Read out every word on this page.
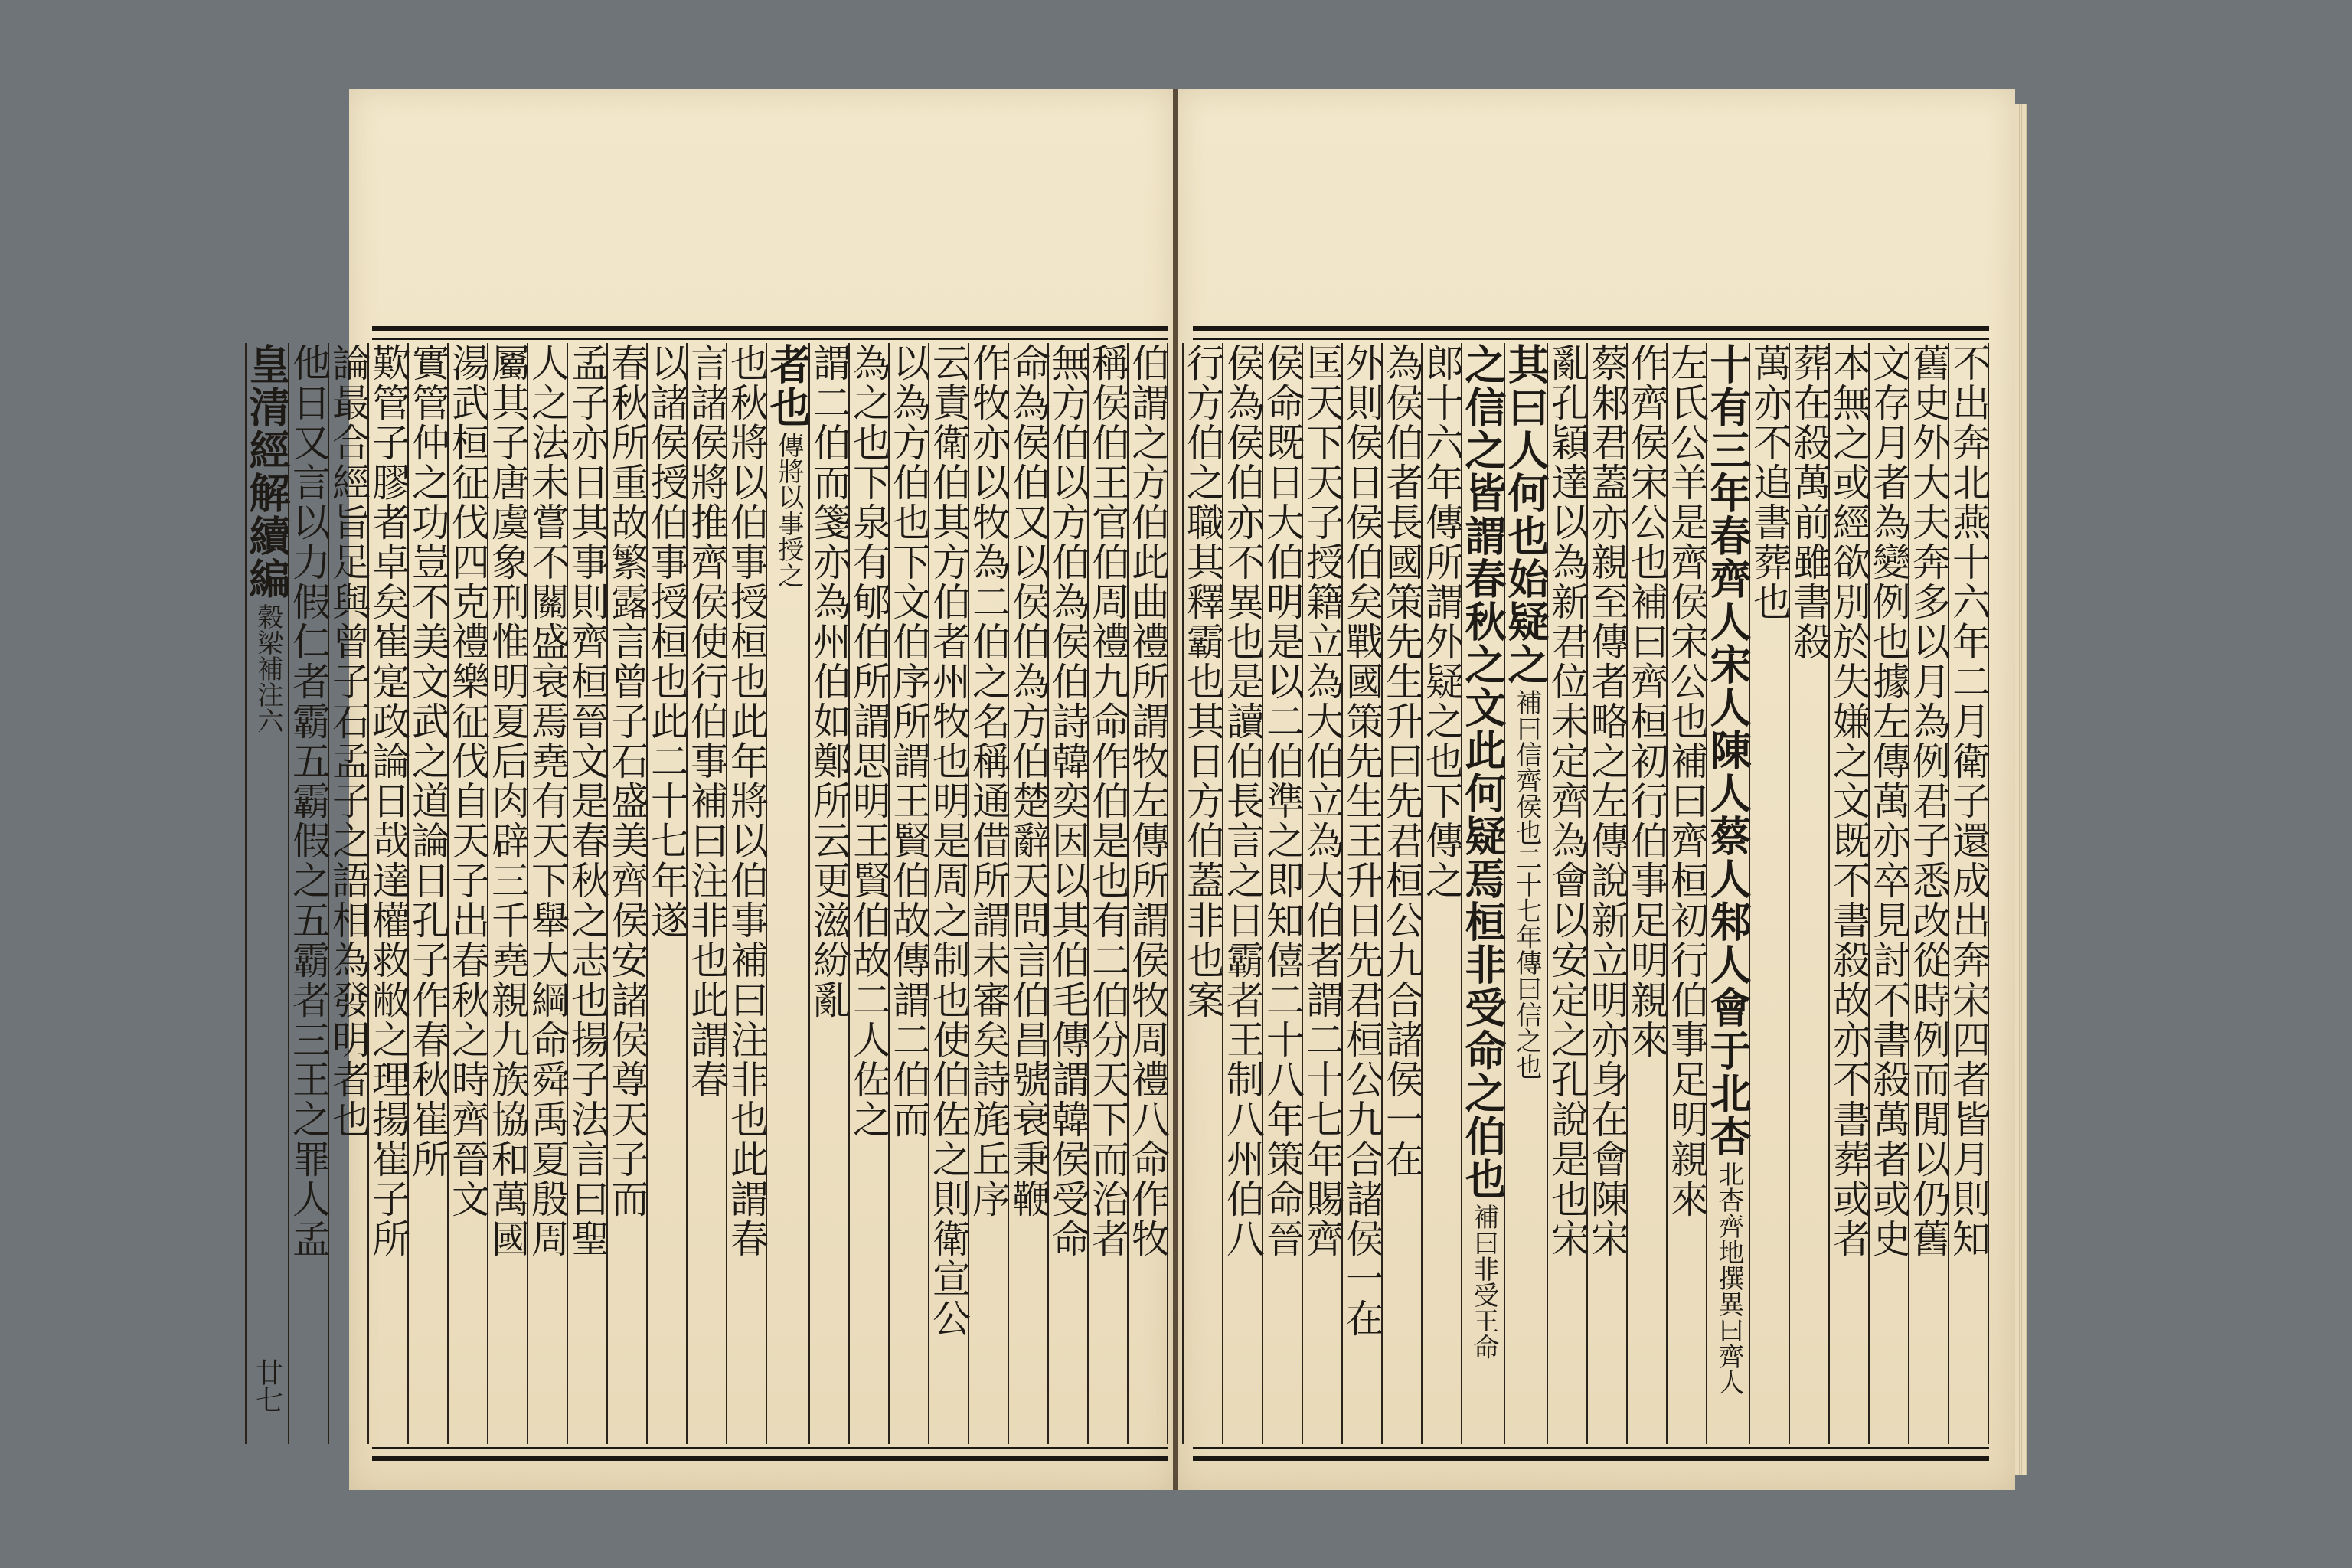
伯謂之方伯此曲禮所謂牧左傳所謂侯牧周禮八命作牧
稱侯伯王官伯周禮九命作伯是也有二伯分天下而治者
無方伯以方伯為侯伯詩韓奕因以其伯毛傳謂韓侯受命
命為侯伯又以侯伯為方伯楚辭天問言伯昌號衰秉鞭
作牧亦以牧為二伯之名稱通借所謂未審矣詩旄丘序
云責衛伯其方伯者州牧也明是周之制也使伯佐之則衛宣公
以為方伯也下文伯序所謂王賢伯故傳謂二伯而
為之也下泉有郇伯所謂思明王賢伯故二人佐之
謂二伯而箋亦為州伯如鄭所云更滋紛亂
者也
傳將以事授之
也秋將以伯事授桓也此年將以伯事補曰注非也此謂春
言諸侯將推齊侯使行伯事補曰注非也此謂春
以諸侯授伯事授桓也此二十七年遂
春秋所重故繁露言曾子石盛美齊侯安諸侯尊天子而
孟子亦日其事則齊桓晉文是春秋之志也揚子法言曰聖
人之法未嘗不關盛衰焉堯有天下舉大綱命舜禹夏殷周
屬其子唐虞象刑惟明夏后肉辟三千堯親九族協和萬國
湯武桓征伐四克禮樂征伐自天子出春秋之時齊晉文
實管仲之功豈不美文武之道論日孔子作春秋崔所
歎管子膠者卓矣崔寔政論日哉達權救敝之理揚崔子所
論最合經旨足與曾子石孟子之語相為發明者也
他日又言以力假仁者霸五霸假之五霸者三王之罪人孟
皇清經解續編
穀梁補注六
廿七
不出奔北燕十六年二月衛子還成出奔宋四者皆月則知
舊史外大夫奔多以月為例君子悉改從時例而閒以仍舊
文存月者為變例也據左傳萬亦卒見討不書殺萬者或史
本無之或經欲別於失嫌之文既不書殺故亦不書葬或者
葬在殺萬前雖書殺
萬亦不追書葬也
十有三年春齊人宋人陳人蔡人邾人會于北杏
北杏齊地撰異曰齊人
左氏公羊是齊侯宋公也補曰齊桓初行伯事足明親來
作齊侯宋公也補曰齊桓初行伯事足明親來
蔡邾君蓋亦親至傳者略之左傳說新立明亦身在會陳宋
亂孔穎達以為新君位未定齊為會以安定之孔說是也宋
其曰人何也始疑之
補曰信齊侯也二十七年傳曰信之也
之信之皆謂春秋之文此何疑焉桓非受命之伯也
補曰非受王命
郎十六年傳所謂外疑之也下傳之
為侯伯者長國策先生升曰先君桓公九合諸侯一在
外則侯日侯伯矣戰國策先生王升日先君桓公九合諸侯一在
匡天下天子授籍立為大伯立為大伯者謂二十七年賜齊
侯命既日大伯明是以二伯準之即知僖二十八年策命晉
侯為侯伯亦不異也是讀伯長言之日霸者王制八州伯八
行方伯之職其釋霸也其日方伯蓋非也案
